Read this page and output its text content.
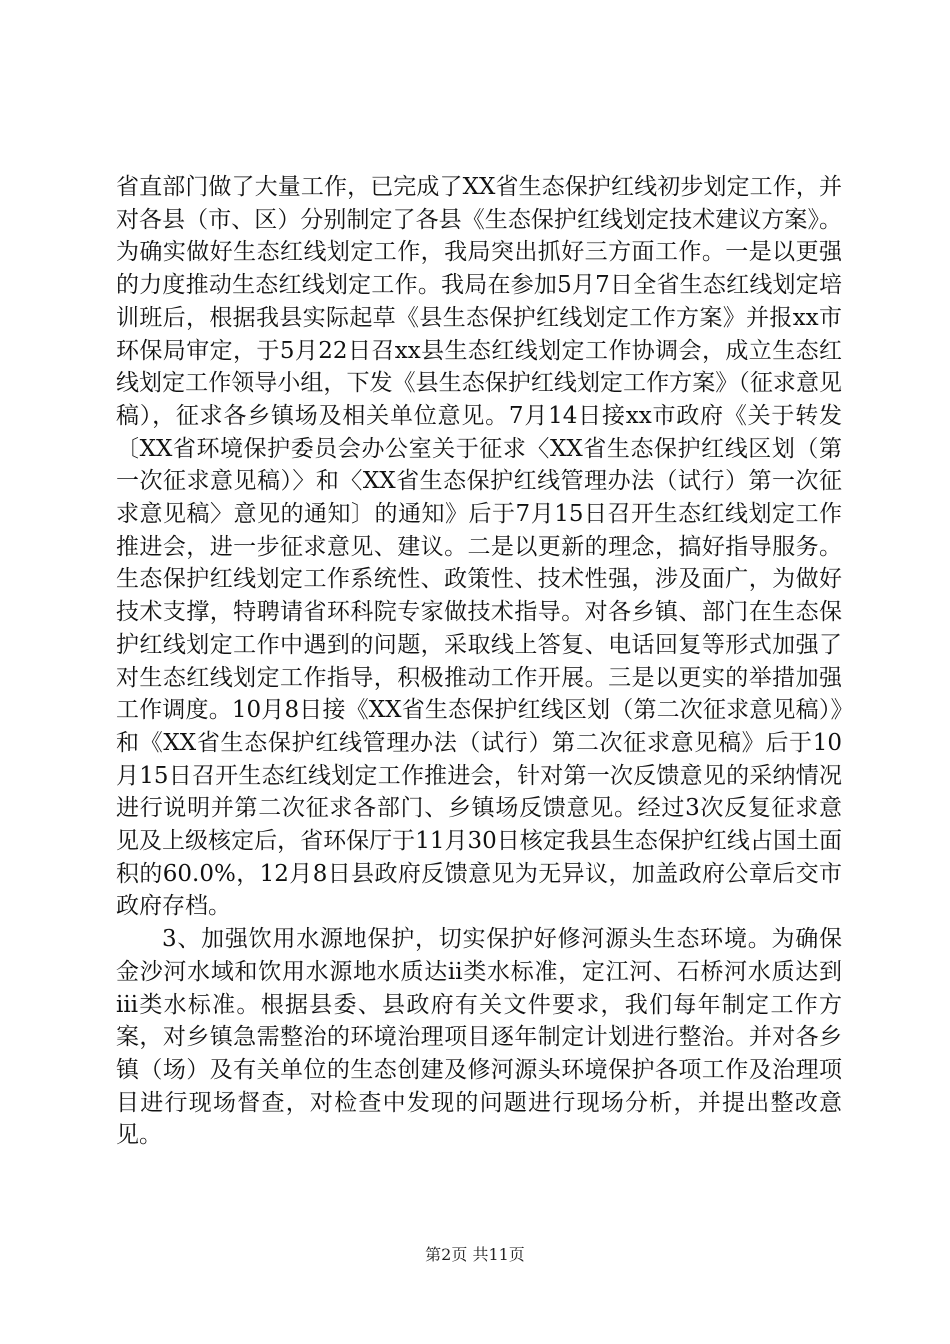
省直部门做了大量工作，已完成了XX省生态保护红线初步划定工作，并对各县（市、区）分别制定了各县《生态保护红线划定技术建议方案》。为确实做好生态红线划定工作，我局突出抓好三方面工作。一是以更强的力度推动生态红线划定工作。我局在参加5月7日全省生态红线划定培训班后，根据我县实际起草《县生态保护红线划定工作方案》并报xx市环保局审定，于5月22日召xx县生态红线划定工作协调会，成立生态红线划定工作领导小组，下发《县生态保护红线划定工作方案》（征求意见稿），征求各乡镇场及相关单位意见。7月14日接xx市政府《关于转发〔XX省环境保护委员会办公室关于征求〈XX省生态保护红线区划（第一次征求意见稿）〉和〈XX省生态保护红线管理办法（试行）第一次征求意见稿〉意见的通知〕的通知》后于7月15日召开生态红线划定工作推进会，进一步征求意见、建议。二是以更新的理念，搞好指导服务。生态保护红线划定工作系统性、政策性、技术性强，涉及面广，为做好技术支撑，特聘请省环科院专家做技术指导。对各乡镇、部门在生态保护红线划定工作中遇到的问题，采取线上答复、电话回复等形式加强了对生态红线划定工作指导，积极推动工作开展。三是以更实的举措加强工作调度。10月8日接《XX省生态保护红线区划（第二次征求意见稿）》和《XX省生态保护红线管理办法（试行）第二次征求意见稿》后于10月15日召开生态红线划定工作推进会，针对第一次反馈意见的采纳情况进行说明并第二次征求各部门、乡镇场反馈意见。经过3次反复征求意见及上级核定后，省环保厅于11月30日核定我县生态保护红线占国土面积的60.0%，12月8日县政府反馈意见为无异议，加盖政府公章后交市政府存档。

3、加强饮用水源地保护，切实保护好修河源头生态环境。为确保金沙河水域和饮用水源地水质达ⅱ类水标准，定江河、石桥河水质达到ⅲ类水标准。根据县委、县政府有关文件要求，我们每年制定工作方案，对乡镇急需整治的环境治理项目逐年制定计划进行整治。并对各乡镇（场）及有关单位的生态创建及修河源头环境保护各项工作及治理项目进行现场督查，对检查中发现的问题进行现场分析，并提出整改意见。

第2页 共11页
